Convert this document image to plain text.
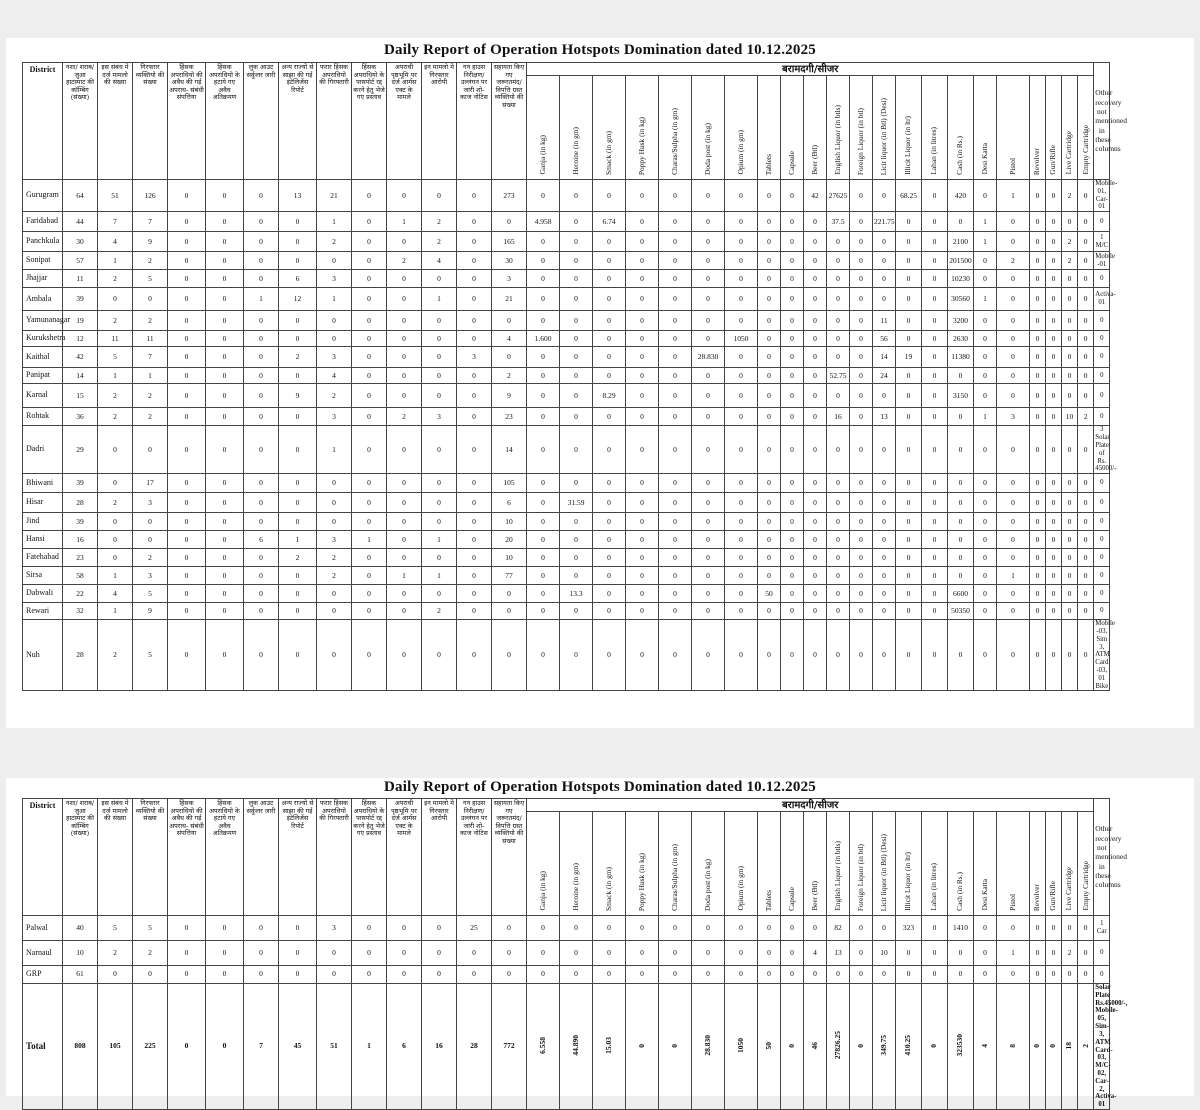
Daily Report of Operation Hotspots Domination dated 10.12.2025
District	नशा/ शराब/ जुआ हाटस्पाट की कॉम्बिंग (संख्या)	इस संबंध मे दर्ज मामलो की संख्या	गिरफ्तार व्यक्तियो की संख्या	हिंसक अपराधियो की अवैध की गई अपराध- संबंधी संपत्तिया	हिंसक अपराधियो के हटाये गए अवैध अतिक्रमण	लुक आउट सर्कुलर जारी	अन्य राज्यो से साझा की गई इंटेलिजेंस रिपोर्ट	फरार हिंसक अपराधियो की गिरफ्तारी	हिंसक अपराधियो के पासपोर्ट रद्द करने हेतु भेजे गए प्रस्ताव	अपराधी पृष्ठभूमि पर दर्ज आर्मस एक्ट के मामले	इन मामलो मे गिरफ्तार आरोपी	गन हाउस निरीक्षण/ उल्लंघन पर जारी शो-काज नोटिस	सहायता किए गए जरूरतमंद/ विपत्ति ग्रस्त व्यक्तियो की संख्या	बरामदगी/सीजर																						Other recovery not mentioned in these columns
														Ganja (in kg)	Heroine (in gm)	Smack (in gm)	Poppy Husk (in kg)	Charas/Sulpha (in gm)	Doda post (in kg)	Opium (in gm)	Tablets	Capsule	Beer (Btl)	English Liquor (in btls)	Foreign Liquor (in btl)	Licit liquor (in Btl) (Desi)	Illicit Liquor (in ltr)	Lahan (in litres)	Cash (in Rs.)	Desi Katta	Pistol	Revolver	Gun/Rifle	Live Cartridge	Empty Cartridge	
Gurugram	64	51	126	0	0	0	13	21	0	0	0	0	273	0	0	0	0	0	0	0	0	0	42	27625	0	0	68.25	0	420	0	1	0	0	2	0	Mobile-01, Car-01
Faridabad	44	7	7	0	0	0	0	1	0	1	2	0	0	4.958	0	6.74	0	0	0	0	0	0	0	37.5	0	221.75	0	0	0	1	0	0	0	0	0	0
Panchkula	30	4	9	0	0	0	0	2	0	0	2	0	165	0	0	0	0	0	0	0	0	0	0	0	0	0	0	0	2100	1	0	0	0	2	0	1 M/C
Sonipat	57	1	2	0	0	0	0	0	0	2	4	0	30	0	0	0	0	0	0	0	0	0	0	0	0	0	0	0	201500	0	2	0	0	2	0	Mobile -01
Jhajjar	11	2	5	0	0	0	6	3	0	0	0	0	3	0	0	0	0	0	0	0	0	0	0	0	0	0	0	0	10230	0	0	0	0	0	0	0
Ambala	39	0	0	0	0	1	12	1	0	0	1	0	21	0	0	0	0	0	0	0	0	0	0	0	0	0	0	0	30560	1	0	0	0	0	0	Activa-01
Yamunanagar	19	2	2	0	0	0	0	0	0	0	0	0	0	0	0	0	0	0	0	0	0	0	0	0	0	11	0	0	3200	0	0	0	0	0	0	0
Kurukshetra	12	11	11	0	0	0	0	0	0	0	0	0	4	1.600	0	0	0	0	0	1050	0	0	0	0	0	56	0	0	2630	0	0	0	0	0	0	0
Kaithal	42	5	7	0	0	0	2	3	0	0	0	3	0	0	0	0	0	0	28.830	0	0	0	0	0	0	14	19	0	11380	0	0	0	0	0	0	0
Panipat	14	1	1	0	0	0	0	4	0	0	0	0	2	0	0	0	0	0	0	0	0	0	0	52.75	0	24	0	0	0	0	0	0	0	0	0	0
Karnal	15	2	2	0	0	0	9	2	0	0	0	0	9	0	0	8.29	0	0	0	0	0	0	0	0	0	0	0	0	3150	0	0	0	0	0	0	0
Rohtak	36	2	2	0	0	0	0	3	0	2	3	0	23	0	0	0	0	0	0	0	0	0	0	16	0	13	0	0	0	1	3	0	0	10	2	0
Dadri	29	0	0	0	0	0	0	1	0	0	0	0	14	0	0	0	0	0	0	0	0	0	0	0	0	0	0	0	0	0	0	0	0	0	0	3 Solar Plate of Rs. 45000/-
Bhiwani	39	0	17	0	0	0	0	0	0	0	0	0	105	0	0	0	0	0	0	0	0	0	0	0	0	0	0	0	0	0	0	0	0	0	0	0
Hisar	28	2	3	0	0	0	0	0	0	0	0	0	6	0	31.59	0	0	0	0	0	0	0	0	0	0	0	0	0	0	0	0	0	0	0	0	0
Jind	39	0	0	0	0	0	0	0	0	0	0	0	10	0	0	0	0	0	0	0	0	0	0	0	0	0	0	0	0	0	0	0	0	0	0	0
Hansi	16	0	0	0	0	6	1	3	1	0	1	0	20	0	0	0	0	0	0	0	0	0	0	0	0	0	0	0	0	0	0	0	0	0	0	0
Fatehabad	23	0	2	0	0	0	2	2	0	0	0	0	10	0	0	0	0	0	0	0	0	0	0	0	0	0	0	0	0	0	0	0	0	0	0	0
Sirsa	58	1	3	0	0	0	0	2	0	1	1	0	77	0	0	0	0	0	0	0	0	0	0	0	0	0	0	0	0	0	1	0	0	0	0	0
Dabwali	22	4	5	0	0	0	0	0	0	0	0	0	0	0	13.3	0	0	0	0	0	50	0	0	0	0	0	0	0	6600	0	0	0	0	0	0	0
Rewari	32	1	9	0	0	0	0	0	0	0	2	0	0	0	0	0	0	0	0	0	0	0	0	0	0	0	0	0	50350	0	0	0	0	0	0	0
Nuh	28	2	5	0	0	0	0	0	0	0	0	0	0	0	0	0	0	0	0	0	0	0	0	0	0	0	0	0	0	0	0	0	0	0	0	Mobile -03, Sim 3, ATM Card -03, 01 Bike
Daily Report of Operation Hotspots Domination dated 10.12.2025
District	नशा/ शराब/ जुआ हाटस्पाट की कॉम्बिंग (संख्या)	इस संबंध मे दर्ज मामलो की संख्या	गिरफ्तार व्यक्तियो की संख्या	हिंसक अपराधियो की अवैध की गई अपराध- संबंधी संपत्तिया	हिंसक अपराधियो के हटाये गए अवैध अतिक्रमण	लुक आउट सर्कुलर जारी	अन्य राज्यो से साझा की गई इंटेलिजेंस रिपोर्ट	फरार हिंसक अपराधियो की गिरफ्तारी	हिंसक अपराधियो के पासपोर्ट रद्द करने हेतु भेजे गए प्रस्ताव	अपराधी पृष्ठभूमि पर दर्ज आर्मस एक्ट के मामले	इन मामलो मे गिरफ्तार आरोपी	गन हाउस निरीक्षण/ उल्लंघन पर जारी शो-काज नोटिस	सहायता किए गए जरूरतमंद/ विपत्ति ग्रस्त व्यक्तियो की संख्या	बरामदगी/सीजर																						Other recovery not mentioned in these columns
														Ganja (in kg)	Heroine (in gm)	Smack (in gm)	Poppy Husk (in kg)	Charas/Sulpha (in gm)	Doda post (in kg)	Opium (in gm)	Tablets	Capsule	Beer (Btl)	English Liquor (in btls)	Foreign Liquor (in btl)	Licit liquor (in Btl) (Desi)	Illicit Liquor (in ltr)	Lahan (in litres)	Cash (in Rs.)	Desi Katta	Pistol	Revolver	Gun/Rifle	Live Cartridge	Empty Cartridge	
Palwal	40	5	5	0	0	0	0	3	0	0	0	25	0	0	0	0	0	0	0	0	0	0	0	82	0	0	323	0	1410	0	0	0	0	0	0	1 Car
Narnaul	10	2	2	0	0	0	0	0	0	0	0	0	0	0	0	0	0	0	0	0	0	0	4	13	0	10	0	0	0	0	1	0	0	2	0	0
GRP	61	0	0	0	0	0	0	0	0	0	0	0	0	0	0	0	0	0	0	0	0	0	0	0	0	0	0	0	0	0	0	0	0	0	0	0
Total	808	105	225	0	0	7	45	51	1	6	16	28	772	6.558	44.890	15.03	0	0	28.830	1050	50	0	46	27826.25	0	349.75	410.25	0	323530	4	8	0	0	18	2	Solar Plate Rs.45000/-, Mobile-05, Sim- 3, ATM Card- 03, M/C-02, Car-2, Activa-01
